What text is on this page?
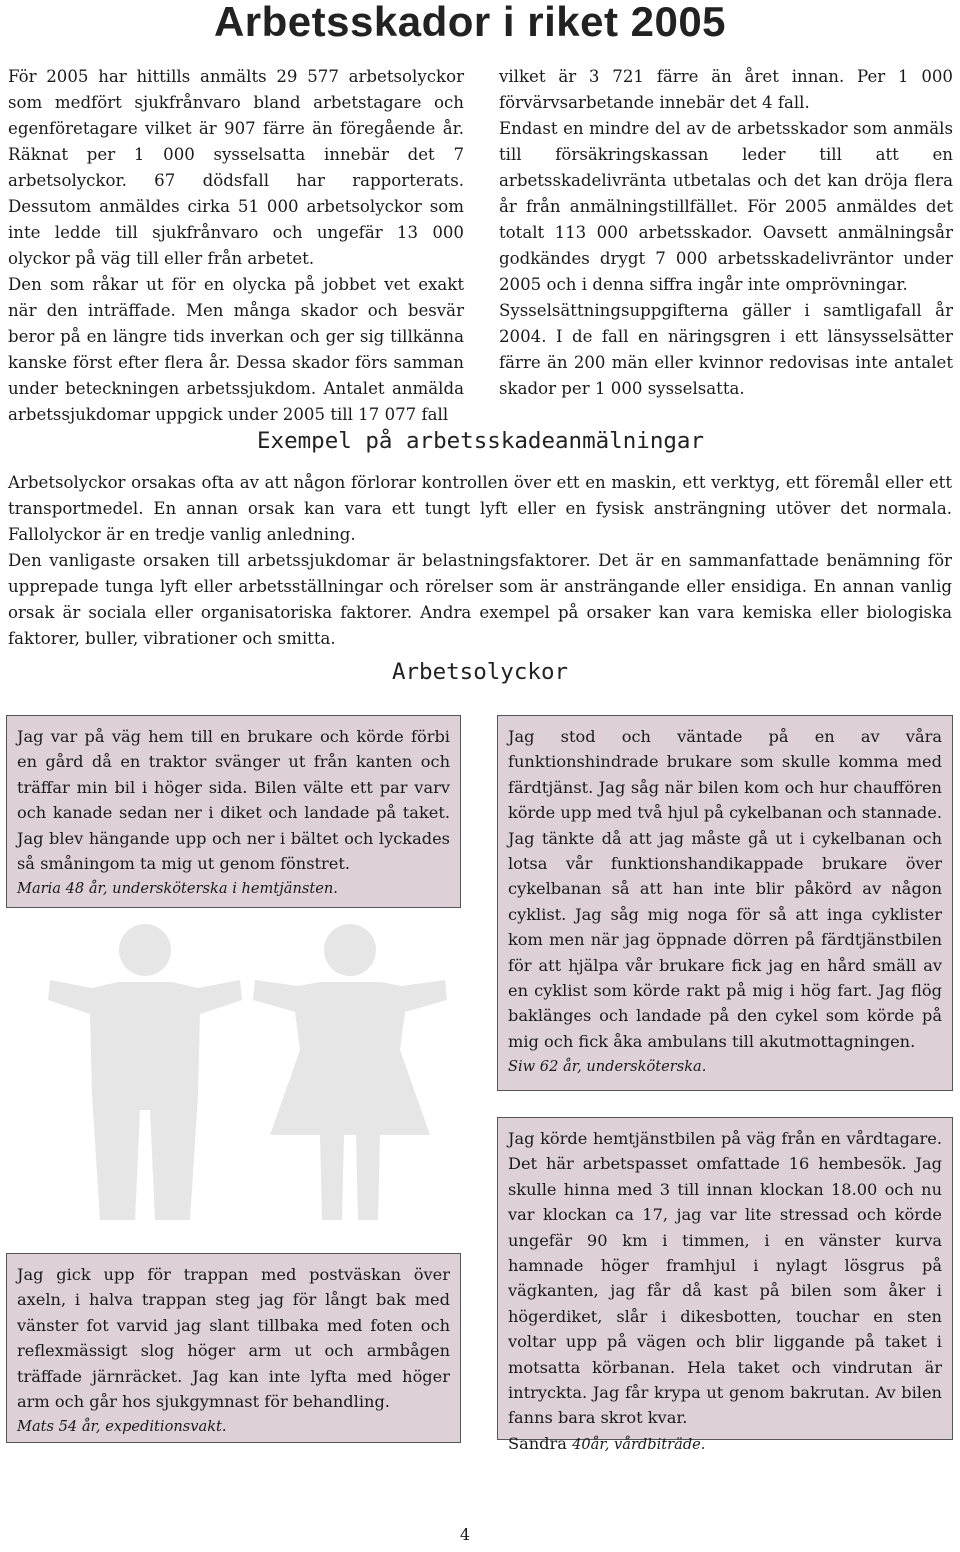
Arbetsskador i riket 2005

För 2005 har hittills anmälts 29 577 arbetsolyckor som medfört sjukfrånvaro bland arbetstagare och egenföretagare vilket är 907 färre än föregående år. Räknat per 1 000 sysselsatta innebär det 7 arbetsolyckor. 67 dödsfall har rapporterats. Dessutom anmäldes cirka 51 000 arbetsolyckor som inte ledde till sjukfrånvaro och ungefär 13 000 olyckor på väg till eller från arbetet.

Den som råkar ut för en olycka på jobbet vet exakt när den inträffade. Men många skador och besvär beror på en längre tids inverkan och ger sig tillkänna kanske först efter flera år. Dessa skador förs samman under beteckningen arbetssjukdom. Antalet anmälda arbetssjukdomar uppgick under 2005 till 17 077 fall

vilket är 3 721 färre än året innan. Per 1 000 förvärvsarbetande innebär det 4 fall.

Endast en mindre del av de arbetsskador som anmäls till försäkringskassan leder till att en arbetsskadelivränta utbetalas och det kan dröja flera år från anmälningstillfället. För 2005 anmäldes det totalt 113 000 arbetsskador. Oavsett anmälningsår godkändes drygt 7 000 arbetsskadelivräntor under 2005 och i denna siffra ingår inte omprövningar.

Sysselsättningsuppgifterna gäller i samtligafall år 2004. I de fall en näringsgren i ett länsysselsätter färre än 200 män eller kvinnor redovisas inte antalet skador per 1 000 sysselsatta.

Exempel på arbetsskadeanmälningar

Arbetsolyckor orsakas ofta av att någon förlorar kontrollen över ett en maskin, ett verktyg, ett föremål eller ett transportmedel. En annan orsak kan vara ett tungt lyft eller en fysisk ansträngning utöver det normala. Fallolyckor är en tredje vanlig anledning.

Den vanligaste orsaken till arbetssjukdomar är belastningsfaktorer. Det är en sammanfattade benämning för upprepade tunga lyft eller arbetsställningar och rörelser som är ansträngande eller ensidiga. En annan vanlig orsak är sociala eller organisatoriska faktorer. Andra exempel på orsaker kan vara kemiska eller biologiska faktorer, buller, vibrationer och smitta.

Arbetsolyckor

Jag var på väg hem till en brukare och körde förbi en gård då en traktor svänger ut från kanten och träffar min bil i höger sida. Bilen välte ett par varv och kanade sedan ner i diket och landade på taket. Jag blev hängande upp och ner i bältet och lyckades så småningom ta mig ut genom fönstret.

Maria 48 år, undersköterska i hemtjänsten.

Jag stod och väntade på en av våra funktionshindrade brukare som skulle komma med färdtjänst. Jag såg när bilen kom och hur chauffören körde upp med två hjul på cykelbanan och stannade. Jag tänkte då att jag måste gå ut i cykelbanan och lotsa vår funktionshandikappade brukare över cykelbanan så att han inte blir påkörd av någon cyklist. Jag såg mig noga för så att inga cyklister kom men när jag öppnade dörren på färdtjänstbilen för att hjälpa vår brukare fick jag en hård smäll av en cyklist som körde rakt på mig i hög fart. Jag flög baklänges och landade på den cykel som körde på mig och fick åka ambulans till akutmottagningen.

Siw 62 år, undersköterska.

Jag körde hemtjänstbilen på väg från en vårdtagare. Det här arbetspasset omfattade 16 hembesök. Jag skulle hinna med 3 till innan klockan 18.00 och nu var klockan ca 17, jag var lite stressad och körde ungefär 90 km i timmen, i en vänster kurva hamnade höger framhjul i nylagt lösgrus på vägkanten, jag får då kast på bilen som åker i högerdiket, slår i dikesbotten, touchar en sten voltar upp på vägen och blir liggande på taket i motsatta körbanan. Hela taket och vindrutan är intryckta. Jag får krypa ut genom bakrutan. Av bilen fanns bara skrot kvar.

Sandra 40år, vårdbiträde.

Jag gick upp för trappan med postväskan över axeln, i halva trappan steg jag för långt bak med vänster fot varvid jag slant tillbaka med foten och reflexmässigt slog höger arm ut och armbågen träffade järnräcket. Jag kan inte lyfta med höger arm och går hos sjukgymnast för behandling.

Mats 54 år, expeditionsvakt.

4
